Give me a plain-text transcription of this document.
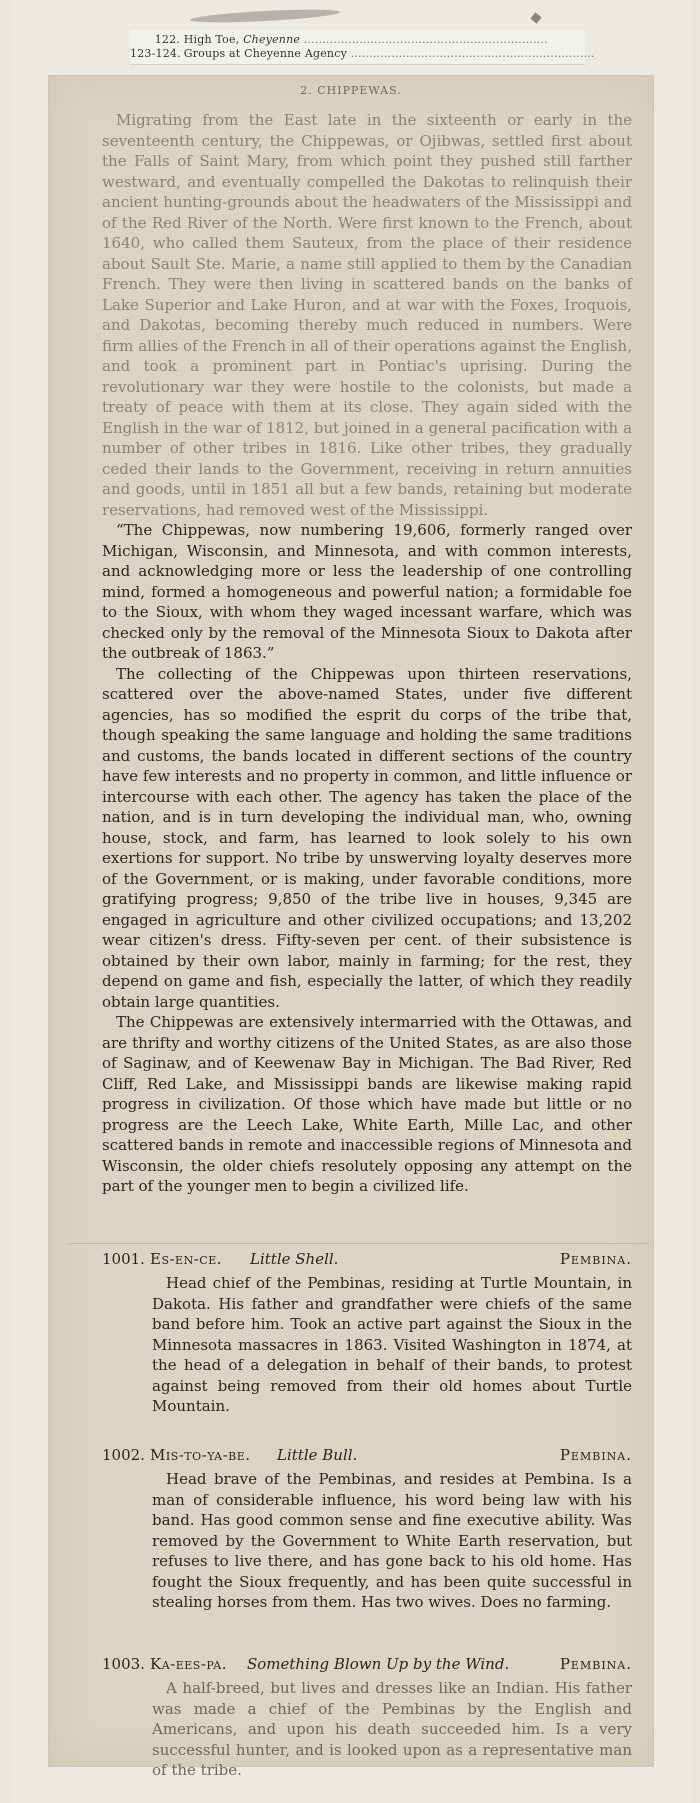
122. High Toe, Cheyenne ..................................................................
123-124. Groups at Cheyenne Agency ..................................................................
2. CHIPPEWAS.

Migrating from the East late in the sixteenth or early in the seventeenth century, the Chippewas, or Ojibwas, settled first about the Falls of Saint Mary, from which point they pushed still farther westward, and eventually compelled the Dakotas to relinquish their ancient hunting-grounds about the headwaters of the Mississippi and of the Red River of the North. Were first known to the French, about 1640, who called them Sauteux, from the place of their residence about Sault Ste. Marie, a name still applied to them by the Canadian French. They were then living in scattered bands on the banks of Lake Superior and Lake Huron, and at war with the Foxes, Iroquois, and Dakotas, becoming thereby much reduced in numbers. Were firm allies of the French in all of their operations against the English, and took a prominent part in Pontiac's uprising. During the revolutionary war they were hostile to the colonists, but made a treaty of peace with them at its close. They again sided with the English in the war of 1812, but joined in a general pacification with a number of other tribes in 1816. Like other tribes, they gradually ceded their lands to the Government, receiving in return annuities and goods, until in 1851 all but a few bands, retaining but moderate reservations, had removed west of the Mississippi.

“The Chippewas, now numbering 19,606, formerly ranged over Michigan, Wisconsin, and Minnesota, and with common interests, and acknowledging more or less the leadership of one controlling mind, formed a homogeneous and powerful nation; a formidable foe to the Sioux, with whom they waged incessant warfare, which was checked only by the removal of the Minnesota Sioux to Dakota after the outbreak of 1863.”

The collecting of the Chippewas upon thirteen reservations, scattered over the above-named States, under five different agencies, has so modified the esprit du corps of the tribe that, though speaking the same language and holding the same traditions and customs, the bands located in different sections of the country have few interests and no property in common, and little influence or intercourse with each other. The agency has taken the place of the nation, and is in turn developing the individual man, who, owning house, stock, and farm, has learned to look solely to his own exertions for support. No tribe by unswerving loyalty deserves more of the Government, or is making, under favorable conditions, more gratifying progress; 9,850 of the tribe live in houses, 9,345 are engaged in agriculture and other civilized occupations; and 13,202 wear citizen's dress. Fifty-seven per cent. of their subsistence is obtained by their own labor, mainly in farming; for the rest, they depend on game and fish, especially the latter, of which they readily obtain large quantities.

The Chippewas are extensively intermarried with the Ottawas, and are thrifty and worthy citizens of the United States, as are also those of Saginaw, and of Keewenaw Bay in Michigan. The Bad River, Red Cliff, Red Lake, and Mississippi bands are likewise making rapid progress in civilization. Of those which have made but little or no progress are the Leech Lake, White Earth, Mille Lac, and other scattered bands in remote and inaccessible regions of Minnesota and Wisconsin, the older chiefs resolutely opposing any attempt on the part of the younger men to begin a civilized life.

1001. Es-en-ce. Little Shell.	Pembina.
Head chief of the Pembinas, residing at Turtle Mountain, in Dakota. His father and grandfather were chiefs of the same band before him. Took an active part against the Sioux in the Minnesota massacres in 1863. Visited Washington in 1874, at the head of a delegation in behalf of their bands, to protest against being removed from their old homes about Turtle Mountain.
1002. Mis-to-ya-be. Little Bull.	Pembina.
Head brave of the Pembinas, and resides at Pembina. Is a man of considerable influence, his word being law with his band. Has good common sense and fine executive ability. Was removed by the Government to White Earth reservation, but refuses to live there, and has gone back to his old home. Has fought the Sioux frequently, and has been quite successful in stealing horses from them. Has two wives. Does no farming.
1003. Ka-ees-pa. Something Blown Up by the Wind.	Pembina.
A half-breed, but lives and dresses like an Indian. His father was made a chief of the Pembinas by the English and Americans, and upon his death succeeded him. Is a very successful hunter, and is looked upon as a representative man of the tribe.
